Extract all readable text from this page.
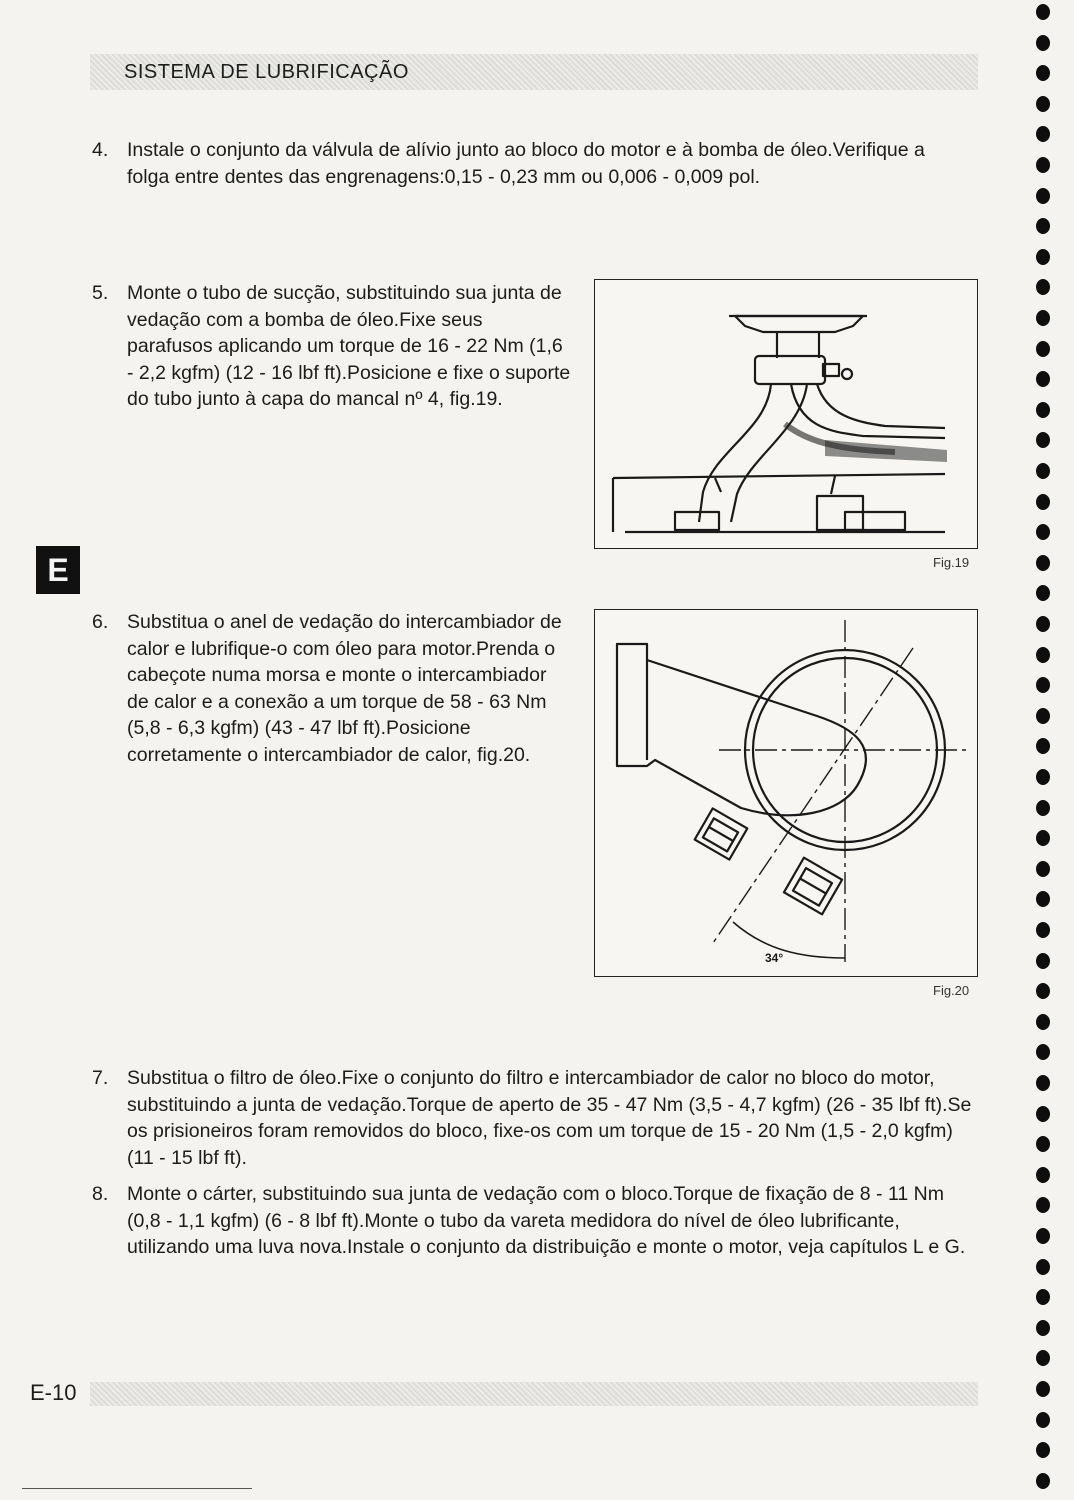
SISTEMA DE LUBRIFICAÇÃO
4. Instale o conjunto da válvula de alívio junto ao bloco do motor e à bomba de óleo.Verifique a folga entre dentes das engrenagens:0,15 - 0,23 mm ou 0,006 - 0,009 pol.
5. Monte o tubo de sucção, substituindo sua junta de vedação com a bomba de óleo.Fixe seus parafusos aplicando um torque de 16 - 22 Nm (1,6 - 2,2 kgfm) (12 - 16 lbf ft).Posicione e fixe o suporte do tubo junto à capa do mancal nº 4, fig.19.
Fig.19
E
6. Substitua o anel de vedação do intercambiador de calor e lubrifique-o com óleo para motor.Prenda o cabeçote numa morsa e monte o intercambiador de calor e a conexão a um torque de 58 - 63 Nm (5,8 - 6,3 kgfm) (43 - 47 lbf ft).Posicione corretamente o intercambiador de calor, fig.20.
34°
Fig.20
7. Substitua o filtro de óleo.Fixe o conjunto do filtro e intercambiador de calor no bloco do motor, substituindo a junta de vedação.Torque de aperto de 35 - 47 Nm (3,5 - 4,7 kgfm) (26 - 35 lbf ft).Se os prisioneiros foram removidos do bloco, fixe-os com um torque de 15 - 20 Nm (1,5 - 2,0 kgfm) (11 - 15 lbf ft).
8. Monte o cárter, substituindo sua junta de vedação com o bloco.Torque de fixação de 8 - 11 Nm (0,8 - 1,1 kgfm) (6 - 8 lbf ft).Monte o tubo da vareta medidora do nível de óleo lubrificante, utilizando uma luva nova.Instale o conjunto da distribuição e monte o motor, veja capítulos L e G.
E-10
